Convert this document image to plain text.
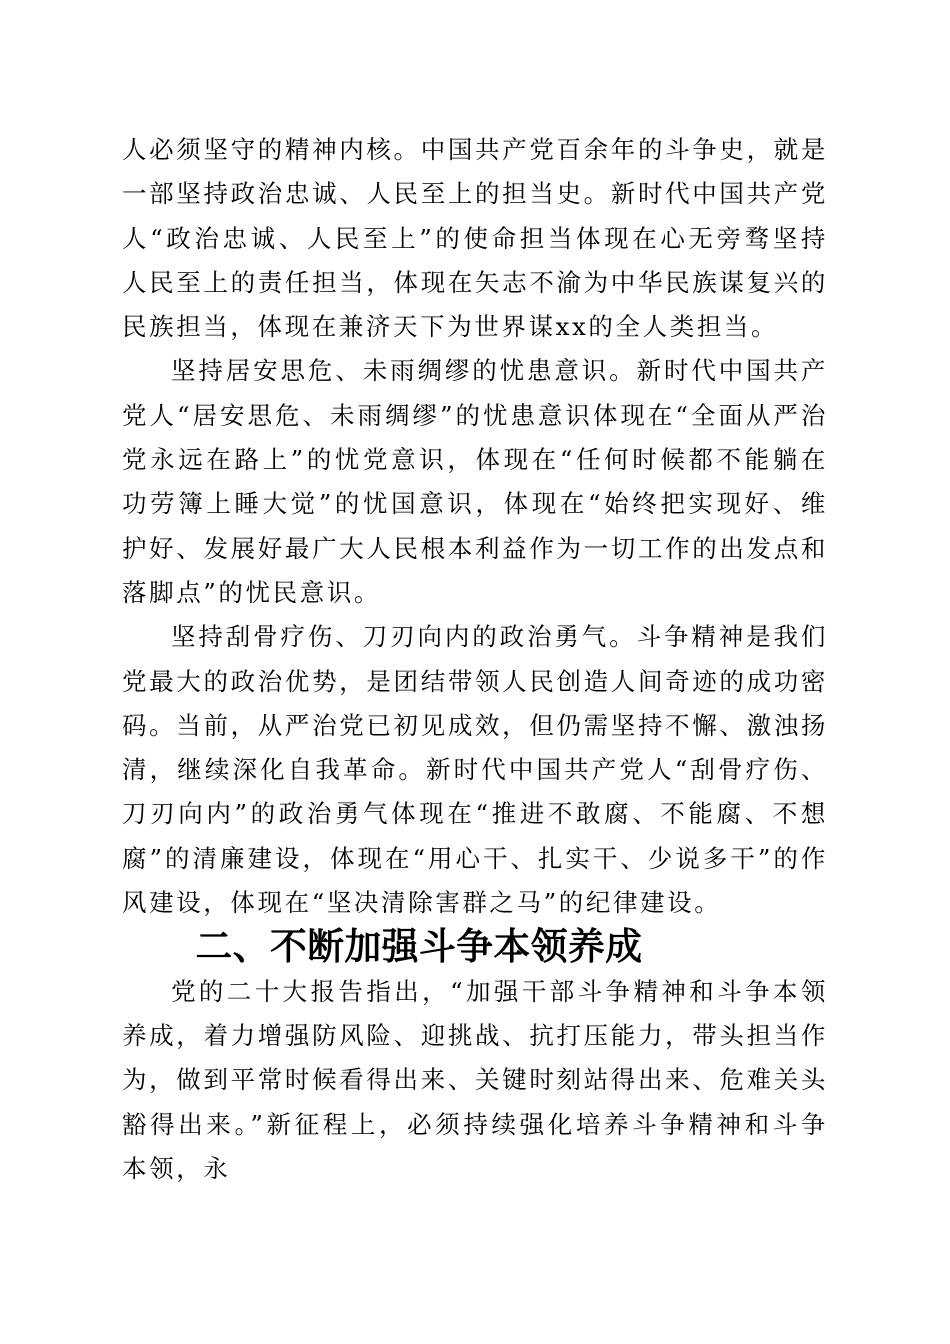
人必须坚守的精神内核。中国共产党百余年的斗争史，就是一部坚持政治忠诚、人民至上的担当史。新时代中国共产党人“政治忠诚、人民至上”的使命担当体现在心无旁骛坚持人民至上的责任担当，体现在矢志不渝为中华民族谋复兴的民族担当，体现在兼济天下为世界谋xx的全人类担当。

坚持居安思危、未雨绸缪的忧患意识。新时代中国共产党人“居安思危、未雨绸缪”的忧患意识体现在“全面从严治党永远在路上”的忧党意识，体现在“任何时候都不能躺在功劳簿上睡大觉”的忧国意识，体现在“始终把实现好、维护好、发展好最广大人民根本利益作为一切工作的出发点和落脚点”的忧民意识。

坚持刮骨疗伤、刀刃向内的政治勇气。斗争精神是我们党最大的政治优势，是团结带领人民创造人间奇迹的成功密码。当前，从严治党已初见成效，但仍需坚持不懈、激浊扬清，继续深化自我革命。新时代中国共产党人“刮骨疗伤、刀刃向内”的政治勇气体现在“推进不敢腐、不能腐、不想腐”的清廉建设，体现在“用心干、扎实干、少说多干”的作风建设，体现在“坚决清除害群之马”的纪律建设。

二、不断加强斗争本领养成

党的二十大报告指出，“加强干部斗争精神和斗争本领养成，着力增强防风险、迎挑战、抗打压能力，带头担当作为，做到平常时候看得出来、关键时刻站得出来、危难关头豁得出来。”新征程上，必须持续强化培养斗争精神和斗争本领，永
